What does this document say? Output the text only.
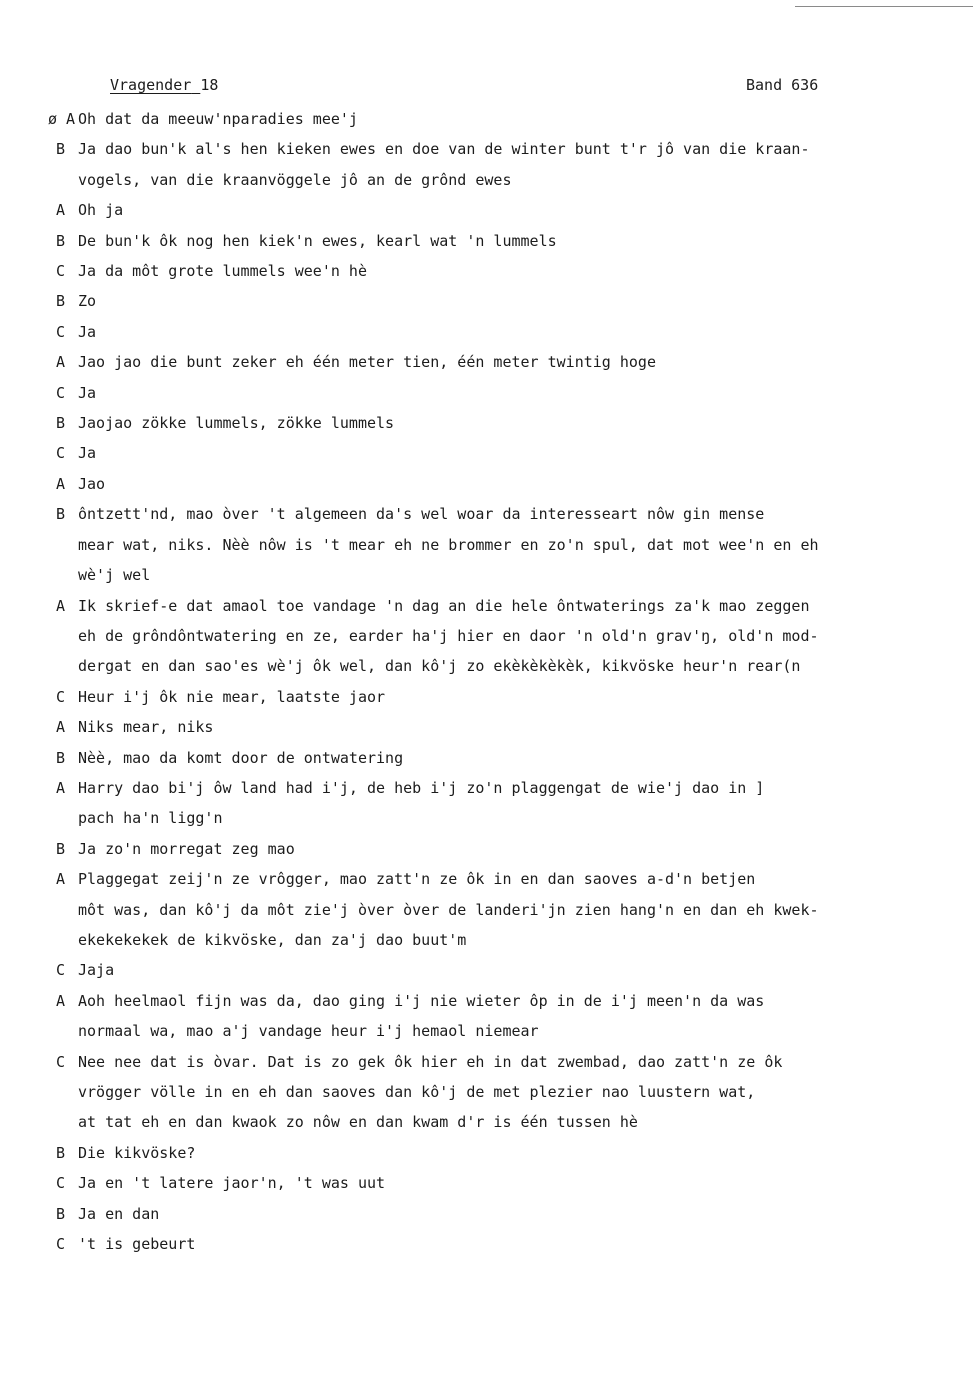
Vragender 18	Band 636
ø A Oh dat da meeuw'nparadies mee'j
B Ja dao bun'k al's hen kieken ewes en doe van de winter bunt t'r jô van die kraan-
vogels, van die kraanvöggele jô an de grônd ewes
A Oh ja
B De bun'k ôk nog hen kiek'n ewes, kearl wat 'n lummels
C Ja da môt grote lummels wee'n hè
B Zo
C Ja
A Jao jao die bunt zeker eh één meter tien, één meter twintig hoge
C Ja
B Jaojao zökke lummels, zökke lummels
C Ja
A Jao
B ôntzett'nd, mao òver 't algemeen da's wel woar da interesseart nôw gin mense
mear wat, niks. Nèè nôw is 't mear eh ne brommer en zo'n spul, dat mot wee'n en eh
wè'j wel
A Ik skrief-e dat amaol toe vandage 'n dag an die hele ôntwaterings za'k mao zeggen
eh de grôndôntwatering en ze, earder ha'j hier en daor 'n old'n grav'ŋ, old'n mod-
dergat en dan sao'es wè'j ôk wel, dan kô'j zo ekèkèkèkèk, kikvöske heur'n rear(n
C Heur i'j ôk nie mear, laatste jaor
A Niks mear, niks
B Nèè, mao da komt door de ontwatering
A Harry dao bi'j ôw land had i'j, de heb i'j zo'n plaggengat de wie'j dao in ]
pach ha'n ligg'n
B Ja zo'n morregat zeg mao
A Plaggegat zeij'n ze vrôgger, mao zatt'n ze ôk in en dan saoves a-d'n betjen
môt was, dan kô'j da môt zie'j òver òver de landeri'jn zien hang'n en dan eh kwek-
ekekekekek de kikvöske, dan za'j dao buut'm
C Jaja
A Aoh heelmaol fijn was da, dao ging i'j nie wieter ôp in de i'j meen'n da was
normaal wa, mao a'j vandage heur i'j hemaol niemear
C Nee nee dat is òvar. Dat is zo gek ôk hier eh in dat zwembad, dao zatt'n ze ôk
vrögger völle in en eh dan saoves dan kô'j de met plezier nao luustern wat,
at tat eh en dan kwaok zo nôw en dan kwam d'r is één tussen hè
B Die kikvöske?
C Ja en 't latere jaor'n, 't was uut
B Ja en dan
C 't is gebeurt
